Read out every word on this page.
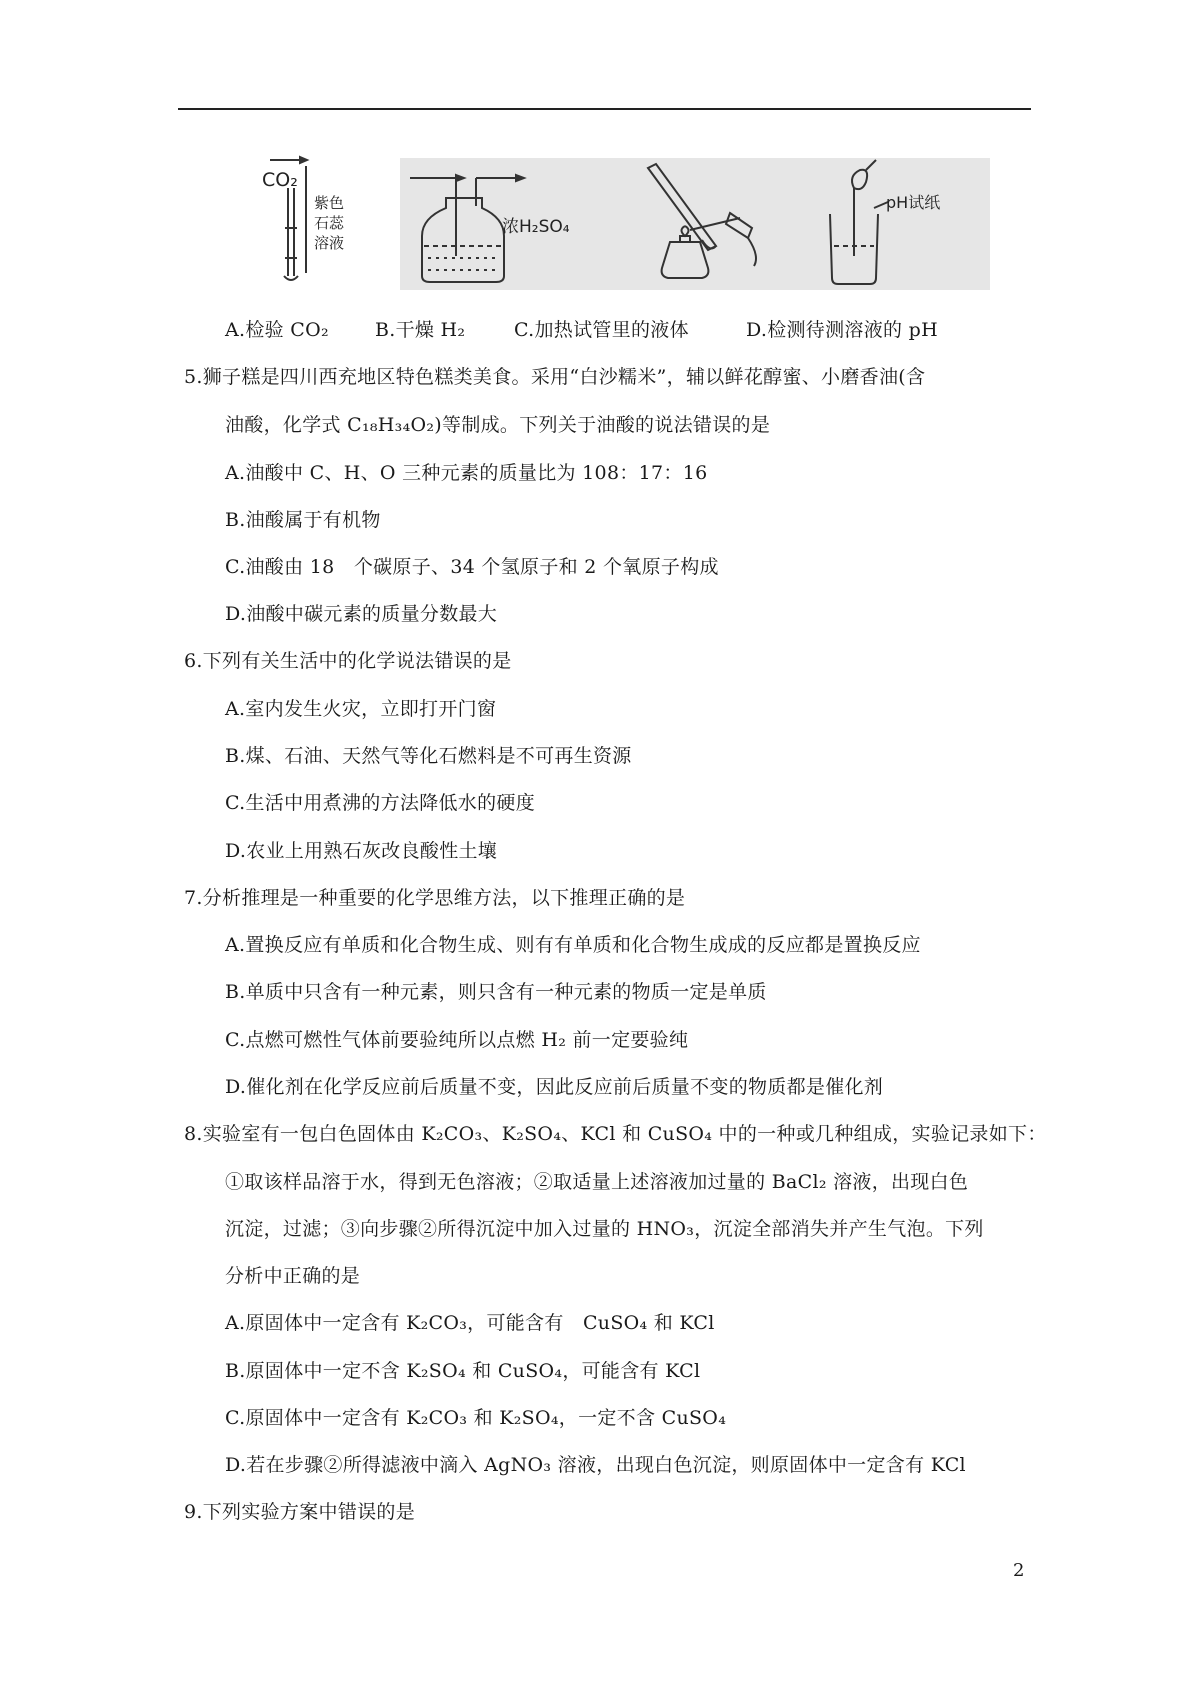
CO₂
紫色
石蕊
溶液
浓H₂SO₄
pH试纸
A.检验 CO₂ B.干燥 H₂	C.加热试管里的液体	D.检测待测溶液的 pH
5.狮子糕是四川西充地区特色糕类美食。采用“白沙糯米”，辅以鲜花醇蜜、小磨香油(含
油酸，化学式 C₁₈H₃₄O₂)等制成。下列关于油酸的说法错误的是
A.油酸中 C、H、O 三种元素的质量比为 108：17：16
B.油酸属于有机物
C.油酸由 18　个碳原子、34 个氢原子和 2 个氧原子构成
D.油酸中碳元素的质量分数最大
6.下列有关生活中的化学说法错误的是
A.室内发生火灾，立即打开门窗
B.煤、石油、天然气等化石燃料是不可再生资源
C.生活中用煮沸的方法降低水的硬度
D.农业上用熟石灰改良酸性土壤
7.分析推理是一种重要的化学思维方法，以下推理正确的是
A.置换反应有单质和化合物生成、则有有单质和化合物生成成的反应都是置换反应
B.单质中只含有一种元素，则只含有一种元素的物质一定是单质
C.点燃可燃性气体前要验纯所以点燃 H₂ 前一定要验纯
D.催化剂在化学反应前后质量不变，因此反应前后质量不变的物质都是催化剂
8.实验室有一包白色固体由 K₂CO₃、K₂SO₄、KCl 和 CuSO₄ 中的一种或几种组成，实验记录如下：
①取该样品溶于水，得到无色溶液；②取适量上述溶液加过量的 BaCl₂ 溶液，出现白色
沉淀，过滤；③向步骤②所得沉淀中加入过量的 HNO₃，沉淀全部消失并产生气泡。下列
分析中正确的是
A.原固体中一定含有 K₂CO₃，可能含有　CuSO₄ 和 KCl
B.原固体中一定不含 K₂SO₄ 和 CuSO₄，可能含有 KCl
C.原固体中一定含有 K₂CO₃ 和 K₂SO₄，一定不含 CuSO₄
D.若在步骤②所得滤液中滴入 AgNO₃ 溶液，出现白色沉淀，则原固体中一定含有 KCl
9.下列实验方案中错误的是
2
